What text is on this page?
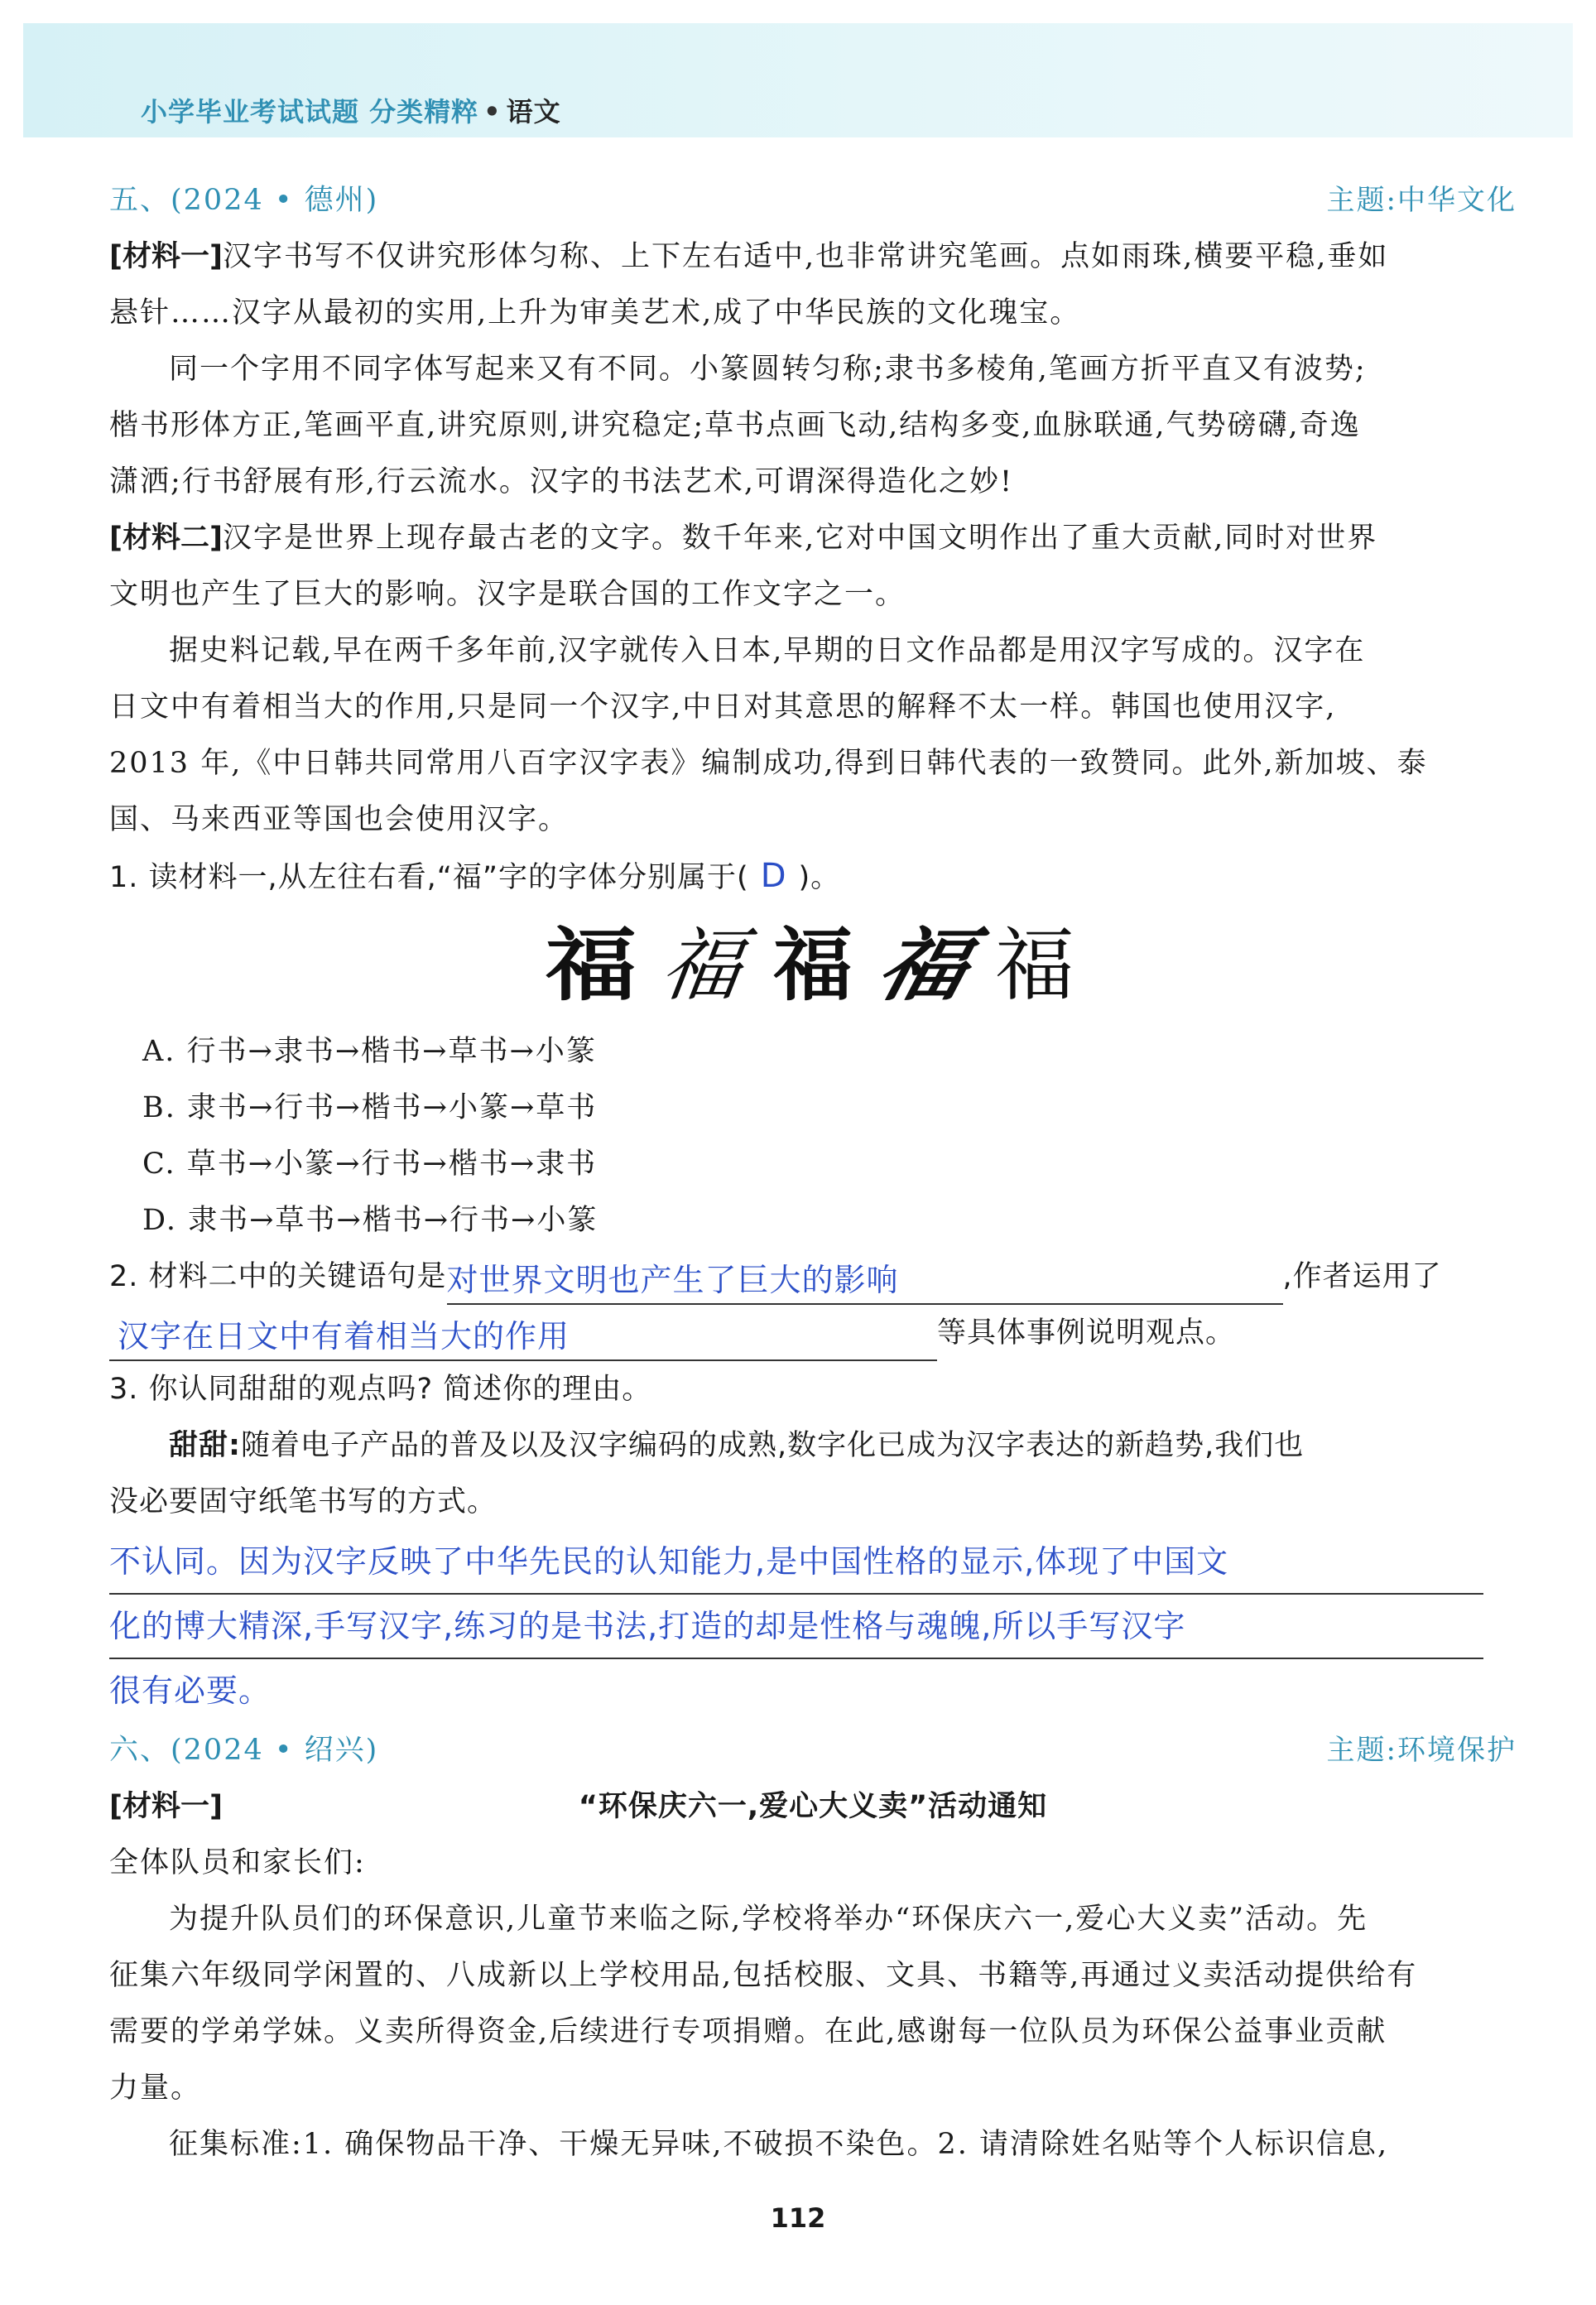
小学毕业考试试题 分类精粹 • 语文
五、(2024 • 德州)	主题:中华文化
[材料一]汉字书写不仅讲究形体匀称、上下左右适中,也非常讲究笔画。点如雨珠,横要平稳,垂如
悬针……汉字从最初的实用,上升为审美艺术,成了中华民族的文化瑰宝。
同一个字用不同字体写起来又有不同。小篆圆转匀称;隶书多棱角,笔画方折平直又有波势;
楷书形体方正,笔画平直,讲究原则,讲究稳定;草书点画飞动,结构多变,血脉联通,气势磅礴,奇逸
潇洒;行书舒展有形,行云流水。汉字的书法艺术,可谓深得造化之妙!
[材料二]汉字是世界上现存最古老的文字。数千年来,它对中国文明作出了重大贡献,同时对世界
文明也产生了巨大的影响。汉字是联合国的工作文字之一。
据史料记载,早在两千多年前,汉字就传入日本,早期的日文作品都是用汉字写成的。汉字在
日文中有着相当大的作用,只是同一个汉字,中日对其意思的解释不太一样。韩国也使用汉字,
2013 年,《中日韩共同常用八百字汉字表》编制成功,得到日韩代表的一致赞同。此外,新加坡、泰
国、马来西亚等国也会使用汉字。
1. 读材料一,从左往右看,“福”字的字体分别属于( D )。
福 福 福 福 福
A. 行书→隶书→楷书→草书→小篆
B. 隶书→行书→楷书→小篆→草书
C. 草书→小篆→行书→楷书→隶书
D. 隶书→草书→楷书→行书→小篆
2. 材料二中的关键语句是对世界文明也产生了巨大的影响	,作者运用了
汉字在日文中有着相当大的作用	等具体事例说明观点。
3. 你认同甜甜的观点吗? 简述你的理由。
甜甜:随着电子产品的普及以及汉字编码的成熟,数字化已成为汉字表达的新趋势,我们也
没必要固守纸笔书写的方式。
不认同。因为汉字反映了中华先民的认知能力,是中国性格的显示,体现了中国文
化的博大精深,手写汉字,练习的是书法,打造的却是性格与魂魄,所以手写汉字
很有必要。
六、(2024 • 绍兴)	主题:环境保护
[材料一]	“环保庆六一,爱心大义卖”活动通知
全体队员和家长们:
为提升队员们的环保意识,儿童节来临之际,学校将举办“环保庆六一,爱心大义卖”活动。先
征集六年级同学闲置的、八成新以上学校用品,包括校服、文具、书籍等,再通过义卖活动提供给有
需要的学弟学妹。义卖所得资金,后续进行专项捐赠。在此,感谢每一位队员为环保公益事业贡献
力量。
征集标准:1. 确保物品干净、干燥无异味,不破损不染色。2. 请清除姓名贴等个人标识信息,
112
